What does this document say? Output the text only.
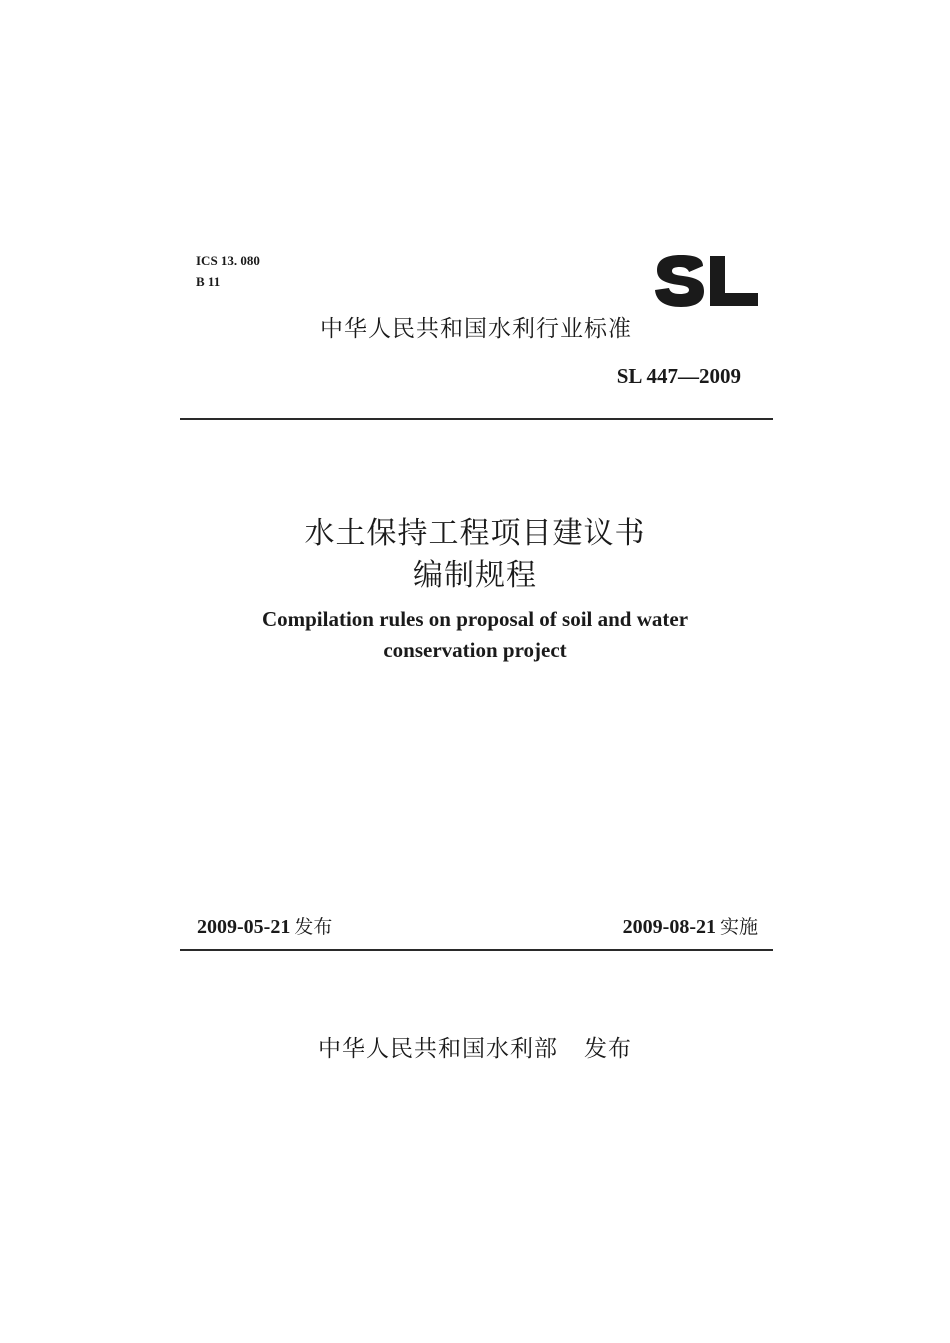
ICS 13. 080
B 11
中华人民共和国水利行业标准
SL 447—2009
水土保持工程项目建议书
编制规程
Compilation rules on proposal of soil and water
conservation project
2009-05-21 发布	2009-08-21 实施
中华人民共和国水利部 发布
